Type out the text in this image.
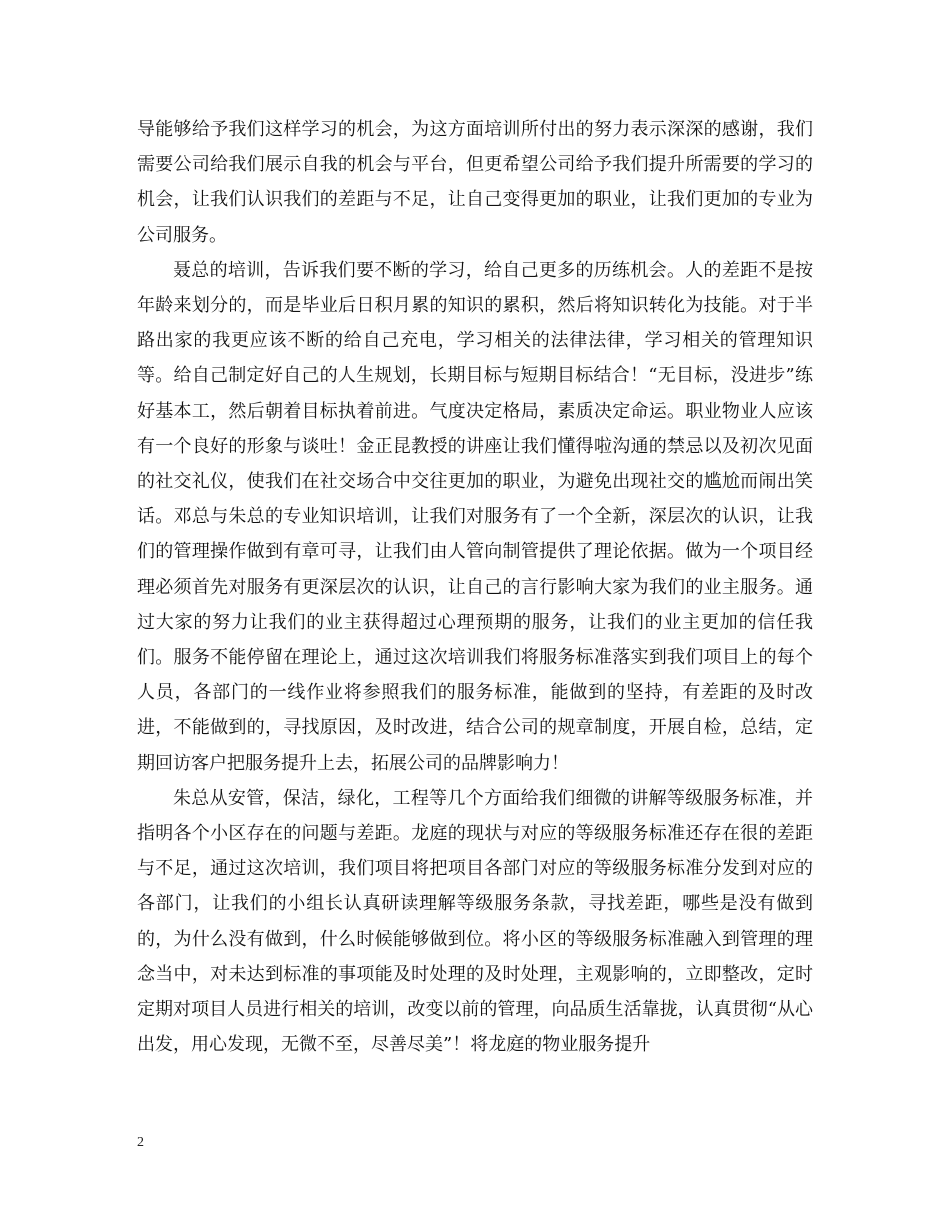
导能够给予我们这样学习的机会，为这方面培训所付出的努力表示深深的感谢，我们需要公司给我们展示自我的机会与平台，但更希望公司给予我们提升所需要的学习的机会，让我们认识我们的差距与不足，让自己变得更加的职业，让我们更加的专业为公司服务。

聂总的培训，告诉我们要不断的学习，给自己更多的历练机会。人的差距不是按年龄来划分的，而是毕业后日积月累的知识的累积，然后将知识转化为技能。对于半路出家的我更应该不断的给自己充电，学习相关的法律法律，学习相关的管理知识等。给自己制定好自己的人生规划，长期目标与短期目标结合！“无目标，没进步”练好基本工，然后朝着目标执着前进。气度决定格局，素质决定命运。职业物业人应该有一个良好的形象与谈吐！金正昆教授的讲座让我们懂得啦沟通的禁忌以及初次见面的社交礼仪，使我们在社交场合中交往更加的职业，为避免出现社交的尴尬而闹出笑话。邓总与朱总的专业知识培训，让我们对服务有了一个全新，深层次的认识，让我们的管理操作做到有章可寻，让我们由人管向制管提供了理论依据。做为一个项目经理必须首先对服务有更深层次的认识，让自己的言行影响大家为我们的业主服务。通过大家的努力让我们的业主获得超过心理预期的服务，让我们的业主更加的信任我们。服务不能停留在理论上，通过这次培训我们将服务标准落实到我们项目上的每个人员，各部门的一线作业将参照我们的服务标准，能做到的坚持，有差距的及时改进，不能做到的，寻找原因，及时改进，结合公司的规章制度，开展自检，总结，定期回访客户把服务提升上去，拓展公司的品牌影响力！

朱总从安管，保洁，绿化，工程等几个方面给我们细微的讲解等级服务标准，并指明各个小区存在的问题与差距。龙庭的现状与对应的等级服务标准还存在很的差距与不足，通过这次培训，我们项目将把项目各部门对应的等级服务标准分发到对应的各部门，让我们的小组长认真研读理解等级服务条款，寻找差距，哪些是没有做到的，为什么没有做到，什么时候能够做到位。将小区的等级服务标准融入到管理的理念当中，对未达到标准的事项能及时处理的及时处理，主观影响的，立即整改，定时定期对项目人员进行相关的培训，改变以前的管理，向品质生活靠拢，认真贯彻“从心出发，用心发现，无微不至，尽善尽美”！将龙庭的物业服务提升

2
